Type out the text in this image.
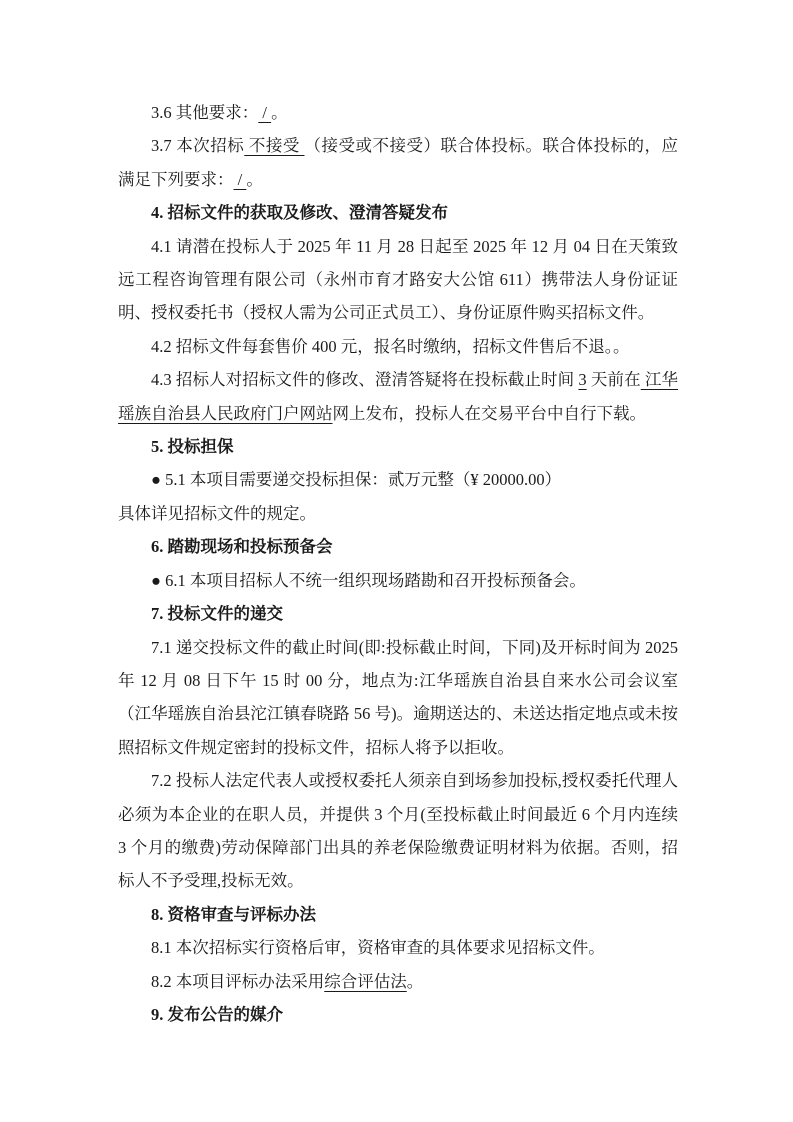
3.6 其他要求： / 。

3.7 本次招标 不接受 （接受或不接受）联合体投标。联合体投标的，应满足下列要求： / 。

4. 招标文件的获取及修改、澄清答疑发布

4.1 请潜在投标人于 2025 年 11 月 28 日起至 2025 年 12 月 04 日在天策致远工程咨询管理有限公司（永州市育才路安大公馆 611）携带法人身份证证明、授权委托书（授权人需为公司正式员工）、身份证原件购买招标文件。

4.2 招标文件每套售价 400 元，报名时缴纳，招标文件售后不退。。

4.3 招标人对招标文件的修改、澄清答疑将在投标截止时间 3 天前在 江华瑶族自治县人民政府门户网站网上发布，投标人在交易平台中自行下载。

5. 投标担保

● 5.1 本项目需要递交投标担保：贰万元整（¥ 20000.00）

具体详见招标文件的规定。

6. 踏勘现场和投标预备会

● 6.1 本项目招标人不统一组织现场踏勘和召开投标预备会。

7. 投标文件的递交

7.1 递交投标文件的截止时间(即:投标截止时间，下同)及开标时间为 2025 年 12 月 08 日下午 15 时 00 分，地点为:江华瑶族自治县自来水公司会议室（江华瑶族自治县沱江镇春晓路 56 号)。逾期送达的、未送达指定地点或未按照招标文件规定密封的投标文件，招标人将予以拒收。

7.2 投标人法定代表人或授权委托人须亲自到场参加投标,授权委托代理人必须为本企业的在职人员，并提供 3 个月(至投标截止时间最近 6 个月内连续 3 个月的缴费)劳动保障部门出具的养老保险缴费证明材料为依据。否则，招标人不予受理,投标无效。

8. 资格审查与评标办法

8.1 本次招标实行资格后审，资格审查的具体要求见招标文件。

8.2 本项目评标办法采用综合评估法。

9. 发布公告的媒介
